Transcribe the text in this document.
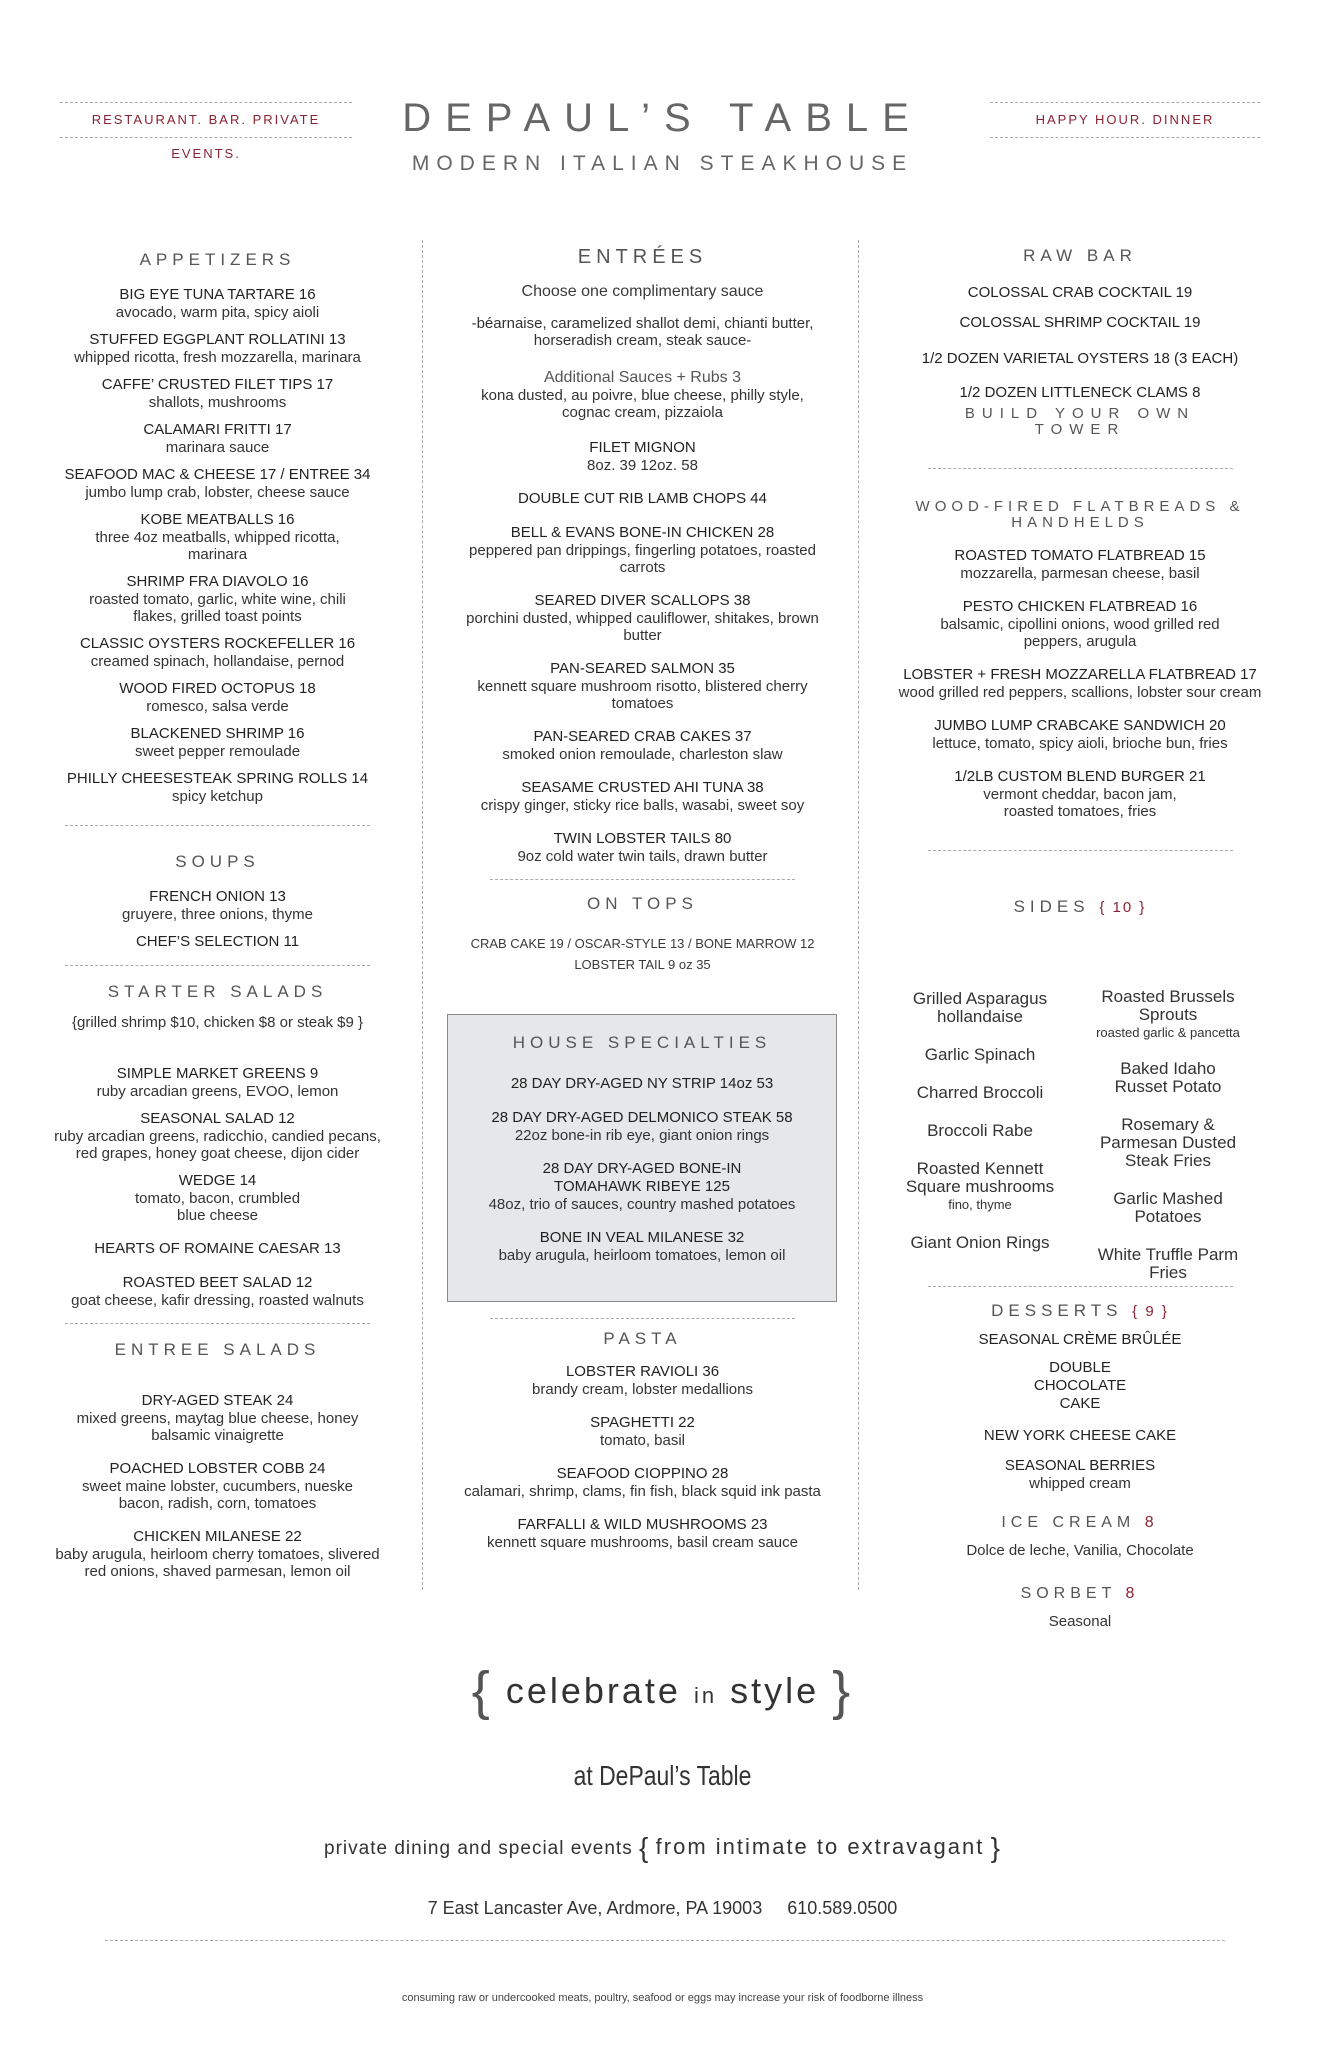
RESTAURANT. BAR. PRIVATE EVENTS.
HAPPY HOUR. DINNER
DEPAUL’S TABLE
MODERN ITALIAN STEAKHOUSE
APPETIZERS
BIG EYE TUNA TARTARE 16
avocado, warm pita, spicy aioli
STUFFED EGGPLANT ROLLATINI 13
whipped ricotta, fresh mozzarella, marinara
CAFFE’ CRUSTED FILET TIPS 17
shallots, mushrooms
CALAMARI FRITTI 17
marinara sauce
SEAFOOD MAC & CHEESE 17 / ENTREE 34
jumbo lump crab, lobster, cheese sauce
KOBE MEATBALLS 16
three 4oz meatballs, whipped ricotta, marinara
SHRIMP FRA DIAVOLO 16
roasted tomato, garlic, white wine, chili flakes, grilled toast points
CLASSIC OYSTERS ROCKEFELLER 16
creamed spinach, hollandaise, pernod
WOOD FIRED OCTOPUS 18
romesco, salsa verde
BLACKENED SHRIMP 16
sweet pepper remoulade
PHILLY CHEESESTEAK SPRING ROLLS 14
spicy ketchup
SOUPS
FRENCH ONION 13
gruyere, three onions, thyme
CHEF’S SELECTION 11
STARTER SALADS
{grilled shrimp $10, chicken $8 or steak $9 }
SIMPLE MARKET GREENS 9
ruby arcadian greens, EVOO, lemon
SEASONAL SALAD 12
ruby arcadian greens, radicchio, candied pecans, red grapes, honey goat cheese, dijon cider
WEDGE 14
tomato, bacon, crumbled blue cheese
HEARTS OF ROMAINE CAESAR 13
ROASTED BEET SALAD 12
goat cheese, kafir dressing, roasted walnuts
ENTREE SALADS
DRY-AGED STEAK 24
mixed greens, maytag blue cheese, honey balsamic vinaigrette
POACHED LOBSTER COBB 24
sweet maine lobster, cucumbers, nueske bacon, radish, corn, tomatoes
CHICKEN MILANESE 22
baby arugula, heirloom cherry tomatoes, slivered red onions, shaved parmesan, lemon oil
ENTRÉES
Choose one complimentary sauce
-béarnaise, caramelized shallot demi, chianti butter, horseradish cream, steak sauce-
Additional Sauces + Rubs 3
kona dusted, au poivre, blue cheese, philly style, cognac cream, pizzaiola
FILET MIGNON
8oz. 39 12oz. 58
DOUBLE CUT RIB LAMB CHOPS 44
BELL & EVANS BONE-IN CHICKEN 28
peppered pan drippings, fingerling potatoes, roasted carrots
SEARED DIVER SCALLOPS 38
porchini dusted, whipped cauliflower, shitakes, brown butter
PAN-SEARED SALMON 35
kennett square mushroom risotto, blistered cherry tomatoes
PAN-SEARED CRAB CAKES 37
smoked onion remoulade, charleston slaw
SEASAME CRUSTED AHI TUNA 38
crispy ginger, sticky rice balls, wasabi, sweet soy
TWIN LOBSTER TAILS 80
9oz cold water twin tails, drawn butter
ON TOPS
CRAB CAKE 19 / OSCAR-STYLE 13 / BONE MARROW 12
LOBSTER TAIL 9 oz 35
HOUSE SPECIALTIES
28 DAY DRY-AGED NY STRIP 14oz 53
28 DAY DRY-AGED DELMONICO STEAK 58
22oz bone-in rib eye, giant onion rings
28 DAY DRY-AGED BONE-IN TOMAHAWK RIBEYE 125
48oz, trio of sauces, country mashed potatoes
BONE IN VEAL MILANESE 32
baby arugula, heirloom tomatoes, lemon oil
PASTA
LOBSTER RAVIOLI 36
brandy cream, lobster medallions
SPAGHETTI 22
tomato, basil
SEAFOOD CIOPPINO 28
calamari, shrimp, clams, fin fish, black squid ink pasta
FARFALLI & WILD MUSHROOMS 23
kennett square mushrooms, basil cream sauce
RAW BAR
COLOSSAL CRAB COCKTAIL 19
COLOSSAL SHRIMP COCKTAIL 19
1/2 DOZEN VARIETAL OYSTERS 18 (3 EACH)
1/2 DOZEN LITTLENECK CLAMS 8
BUILD YOUR OWN TOWER
WOOD-FIRED FLATBREADS & HANDHELDS
ROASTED TOMATO FLATBREAD 15
mozzarella, parmesan cheese, basil
PESTO CHICKEN FLATBREAD 16
balsamic, cipollini onions, wood grilled red peppers, arugula
LOBSTER + FRESH MOZZARELLA FLATBREAD 17
wood grilled red peppers, scallions, lobster sour cream
JUMBO LUMP CRABCAKE SANDWICH 20
lettuce, tomato, spicy aioli, brioche bun, fries
1/2LB CUSTOM BLEND BURGER 21
vermont cheddar, bacon jam, roasted tomatoes, fries
SIDES { 10 }
Grilled Asparagus hollandaise
Garlic Spinach
Charred Broccoli
Broccoli Rabe
Roasted Kennett Square mushrooms
fino, thyme
Giant Onion Rings
Roasted Brussels Sprouts
roasted garlic & pancetta
Baked Idaho Russet Potato
Rosemary & Parmesan Dusted Steak Fries
Garlic Mashed Potatoes
White Truffle Parm Fries
DESSERTS { 9 }
SEASONAL CRÈME BRÛLÉE
DOUBLE CHOCOLATE CAKE
NEW YORK CHEESE CAKE
SEASONAL BERRIES
whipped cream
ICE CREAM 8
Dolce de leche, Vanilia, Chocolate
SORBET 8
Seasonal
{ celebrate in style }
at DePaul’s Table
private dining and special events { from intimate to extravagant }
7 East Lancaster Ave, Ardmore, PA 19003     610.589.0500
consuming raw or undercooked meats, poultry, seafood or eggs may increase your risk of foodborne illness
